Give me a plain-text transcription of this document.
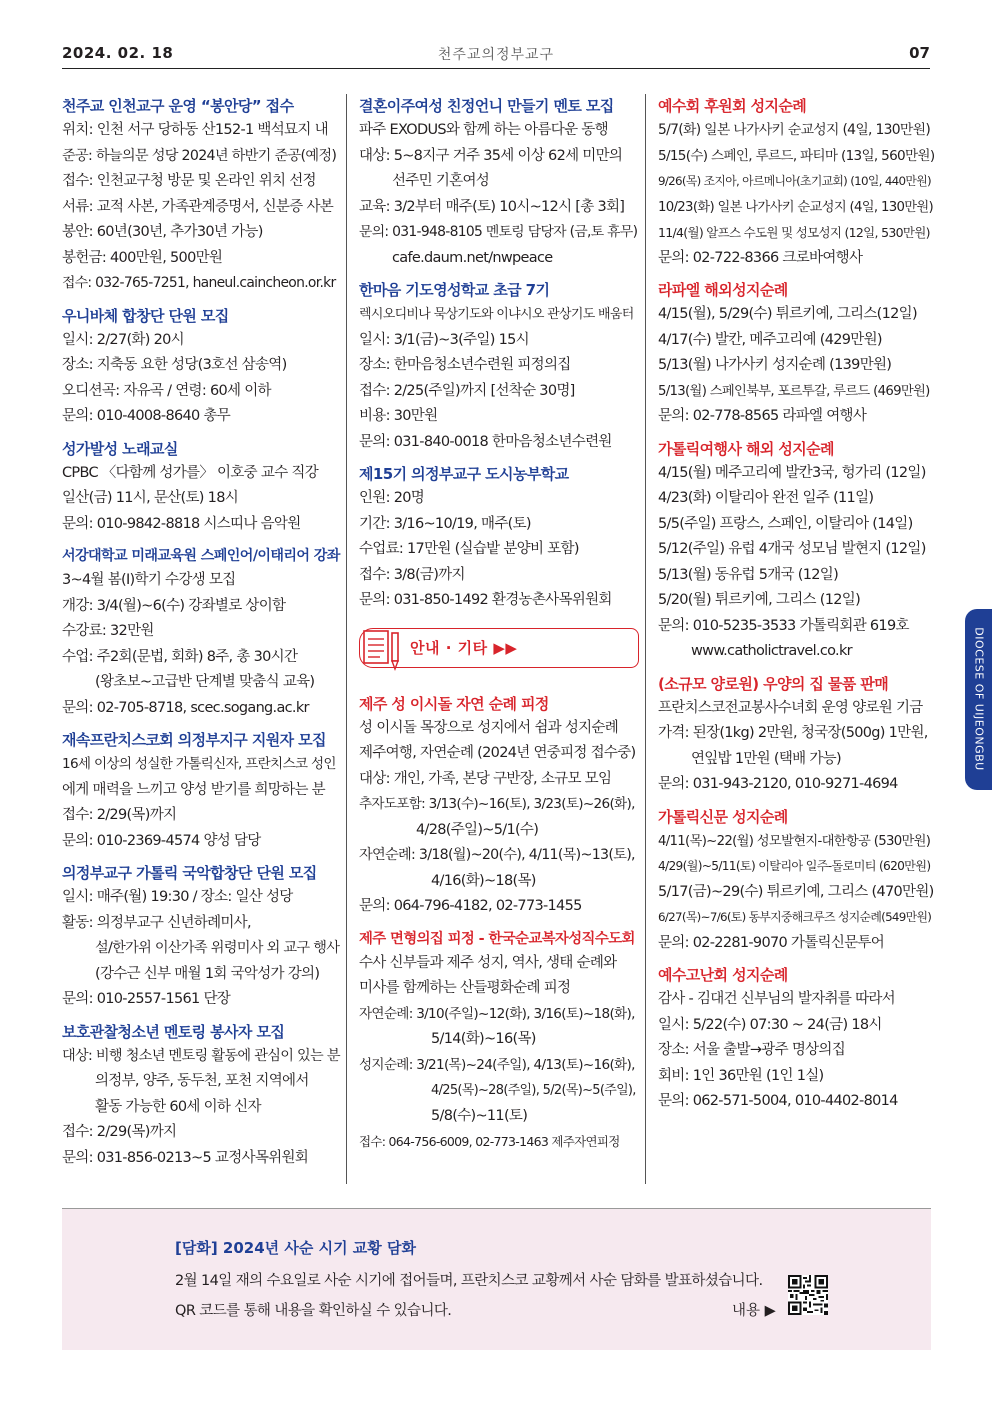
2024. 02. 18	천주교의정부교구	07
천주교 인천교구 운영 “봉안당” 접수
위치: 인천 서구 당하동 산152-1 백석묘지 내
준공: 하늘의문 성당 2024년 하반기 준공(예정)
접수: 인천교구청 방문 및 온라인 위치 선정
서류: 교적 사본, 가족관계증명서, 신분증 사본
봉안: 60년(30년, 추가30년 가능)
봉헌금: 400만원, 500만원
접수: 032-765-7251, haneul.caincheon.or.kr
우니바체 합창단 단원 모집
일시: 2/27(화) 20시
장소: 지축동 요한 성당(3호선 삼송역)
오디션곡: 자유곡 / 연령: 60세 이하
문의: 010-4008-8640 총무
성가발성 노래교실
CPBC 〈다함께 성가를〉 이호중 교수 직강
일산(금) 11시, 문산(토) 18시
문의: 010-9842-8818 시스띠나 음악원
서강대학교 미래교육원 스페인어/이태리어 강좌
3~4월 봄(Ⅰ)학기 수강생 모집
개강: 3/4(월)~6(수) 강좌별로 상이함
수강료: 32만원
수업: 주2회(문법, 회화) 8주, 총 30시간
(왕초보~고급반 단계별 맞춤식 교육)
문의: 02-705-8718, scec.sogang.ac.kr
재속프란치스코회 의정부지구 지원자 모집
16세 이상의 성실한 가톨릭신자, 프란치스코 성인
에게 매력을 느끼고 양성 받기를 희망하는 분
접수: 2/29(목)까지
문의: 010-2369-4574 양성 담당
의정부교구 가톨릭 국악합창단 단원 모집
일시: 매주(월) 19:30 / 장소: 일산 성당
활동: 의정부교구 신년하례미사,
설/한가위 이산가족 위령미사 외 교구 행사
(강수근 신부 매월 1회 국악성가 강의)
문의: 010-2557-1561 단장
보호관찰청소년 멘토링 봉사자 모집
대상: 비행 청소년 멘토링 활동에 관심이 있는 분
의정부, 양주, 동두천, 포천 지역에서
활동 가능한 60세 이하 신자
접수: 2/29(목)까지
문의: 031-856-0213~5 교정사목위원회
결혼이주여성 친정언니 만들기 멘토 모집
파주 EXODUS와 함께 하는 아름다운 동행
대상: 5~8지구 거주 35세 이상 62세 미만의
선주민 기혼여성
교육: 3/2부터 매주(토) 10시~12시 [총 3회]
문의: 031-948-8105 멘토링 담당자 (금,토 휴무)
cafe.daum.net/nwpeace
한마음 기도영성학교 초급 7기
렉시오디비나 묵상기도와 이냐시오 관상기도 배움터
일시: 3/1(금)~3(주일) 15시
장소: 한마음청소년수련원 피정의집
접수: 2/25(주일)까지 [선착순 30명]
비용: 30만원
문의: 031-840-0018 한마음청소년수련원
제15기 의정부교구 도시농부학교
인원: 20명
기간: 3/16~10/19, 매주(토)
수업료: 17만원 (실습밭 분양비 포함)
접수: 3/8(금)까지
문의: 031-850-1492 환경농촌사목위원회
안내 · 기타 ▶▶
제주 성 이시돌 자연 순례 피정
성 이시돌 목장으로 성지에서 쉼과 성지순례
제주여행, 자연순례 (2024년 연중피정 접수중)
대상: 개인, 가족, 본당 구반장, 소규모 모임
추자도포함: 3/13(수)~16(토), 3/23(토)~26(화),
4/28(주일)~5/1(수)
자연순례: 3/18(월)~20(수), 4/11(목)~13(토),
4/16(화)~18(목)
문의: 064-796-4182, 02-773-1455
제주 면형의집 피정 - 한국순교복자성직수도회
수사 신부들과 제주 성지, 역사, 생태 순례와
미사를 함께하는 산들평화순례 피정
자연순례: 3/10(주일)~12(화), 3/16(토)~18(화),
5/14(화)~16(목)
성지순례: 3/21(목)~24(주일), 4/13(토)~16(화),
4/25(목)~28(주일), 5/2(목)~5(주일),
5/8(수)~11(토)
접수: 064-756-6009, 02-773-1463 제주자연피정
예수회 후원회 성지순례
5/7(화) 일본 나가사키 순교성지 (4일, 130만원)
5/15(수) 스페인, 루르드, 파티마 (13일, 560만원)
9/26(목) 조지아, 아르메니아(초기교회) (10일, 440만원)
10/23(화) 일본 나가사키 순교성지 (4일, 130만원)
11/4(월) 알프스 수도원 및 성모성지 (12일, 530만원)
문의: 02-722-8366 크로바여행사
라파엘 해외성지순례
4/15(월), 5/29(수) 튀르키예, 그리스(12일)
4/17(수) 발칸, 메주고리예 (429만원)
5/13(월) 나가사키 성지순례 (139만원)
5/13(월) 스페인북부, 포르투갈, 루르드 (469만원)
문의: 02-778-8565 라파엘 여행사
가톨릭여행사 해외 성지순례
4/15(월) 메주고리예 발칸3국, 헝가리 (12일)
4/23(화) 이탈리아 완전 일주 (11일)
5/5(주일) 프랑스, 스페인, 이탈리아 (14일)
5/12(주일) 유럽 4개국 성모님 발현지 (12일)
5/13(월) 동유럽 5개국 (12일)
5/20(월) 튀르키예, 그리스 (12일)
문의: 010-5235-3533 가톨릭회관 619호
www.catholictravel.co.kr
(소규모 양로원) 우양의 집 물품 판매
프란치스코전교봉사수녀회 운영 양로원 기금
가격: 된장(1kg) 2만원, 청국장(500g) 1만원,
연잎밥 1만원 (택배 가능)
문의: 031-943-2120, 010-9271-4694
가톨릭신문 성지순례
4/11(목)~22(월) 성모발현지-대한항공 (530만원)
4/29(월)~5/11(토) 이탈리아 일주-돌로미티 (620만원)
5/17(금)~29(수) 튀르키예, 그리스 (470만원)
6/27(목)~7/6(토) 동부지중해크루즈 성지순례(549만원)
문의: 02-2281-9070 가톨릭신문투어
예수고난회 성지순례
감사 - 김대건 신부님의 발자취를 따라서
일시: 5/22(수) 07:30 ~ 24(금) 18시
장소: 서울 출발→광주 명상의집
회비: 1인 36만원 (1인 1실)
문의: 062-571-5004, 010-4402-8014
DIOCESE OF UIJEONGBU
[담화] 2024년 사순 시기 교황 담화
2월 14일 재의 수요일로 사순 시기에 접어들며, 프란치스코 교황께서 사순 담화를 발표하셨습니다.
QR 코드를 통해 내용을 확인하실 수 있습니다.	내용 ▶
